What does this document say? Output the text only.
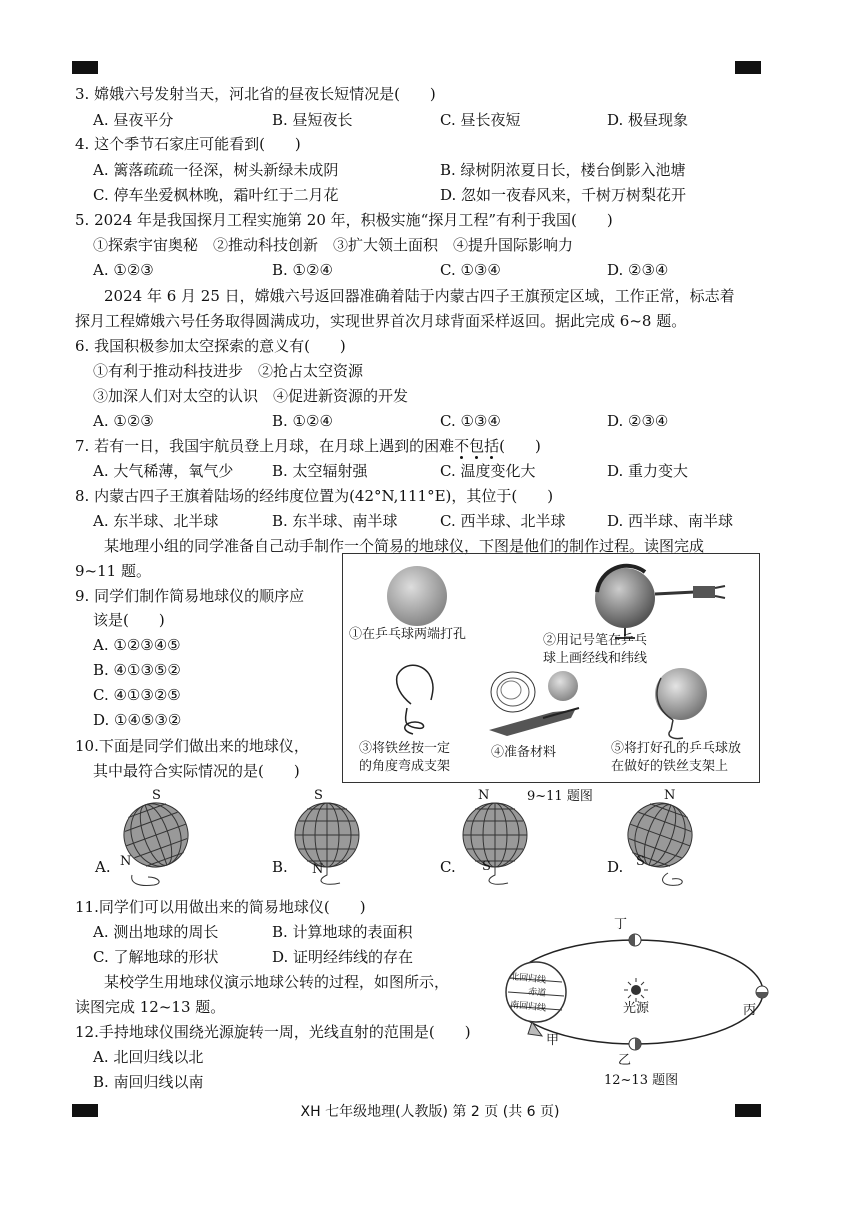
3. 嫦娥六号发射当天，河北省的昼夜长短情况是(　　)
A. 昼夜平分	B. 昼短夜长	C. 昼长夜短	D. 极昼现象
4. 这个季节石家庄可能看到(　　)
A. 篱落疏疏一径深，树头新绿未成阴	B. 绿树阴浓夏日长，楼台倒影入池塘
C. 停车坐爱枫林晚，霜叶红于二月花	D. 忽如一夜春风来，千树万树梨花开
5. 2024 年是我国探月工程实施第 20 年，积极实施“探月工程”有利于我国(　　)
①探索宇宙奥秘　②推动科技创新　③扩大领土面积　④提升国际影响力
A. ①②③	B. ①②④	C. ①③④	D. ②③④
2024 年 6 月 25 日，嫦娥六号返回器准确着陆于内蒙古四子王旗预定区域，工作正常，标志着
探月工程嫦娥六号任务取得圆满成功，实现世界首次月球背面采样返回。据此完成 6~8 题。
6. 我国积极参加太空探索的意义有(　　)
①有利于推动科技进步　②抢占太空资源
③加深人们对太空的认识　④促进新资源的开发
A. ①②③	B. ①②④	C. ①③④	D. ②③④
7. 若有一日，我国宇航员登上月球，在月球上遇到的困难不包括(　　)
A. 大气稀薄，氧气少	B. 太空辐射强	C. 温度变化大	D. 重力变大
8. 内蒙古四子王旗着陆场的经纬度位置为(42°N,111°E)，其位于(　　)
A. 东半球、北半球	B. 东半球、南半球	C. 西半球、北半球	D. 西半球、南半球
某地理小组的同学准备自己动手制作一个简易的地球仪，下图是他们的制作过程。读图完成
9~11 题。
9. 同学们制作简易地球仪的顺序应
该是(　　)
A. ①②③④⑤
B. ④①③⑤②
C. ④①③②⑤
D. ①④⑤③②
10.下面是同学们做出来的地球仪，
其中最符合实际情况的是(　　)
①在乒乓球两端打孔	②用记号笔在乒乓
球上画经线和纬线
③将铁丝按一定
的角度弯成支架
④准备材料	⑤将打好孔的乒乓球放
在做好的铁丝支架上
9~11 题图
A.
S
N	B.
S
N	C.
N
S	D.
N
S
11.同学们可以用做出来的简易地球仪(　　)
A. 测出地球的周长	B. 计算地球的表面积
C. 了解地球的形状	D. 证明经纬线的存在
某校学生用地球仪演示地球公转的过程，如图所示，
读图完成 12~13 题。
12.手持地球仪围绕光源旋转一周，光线直射的范围是(　　)
A. 北回归线以北
B. 南回归线以南
丁
光源	丙
乙
甲
北回归线
赤道
南回归线
12~13 题图
XH 七年级地理(人教版) 第 2 页 (共 6 页)
